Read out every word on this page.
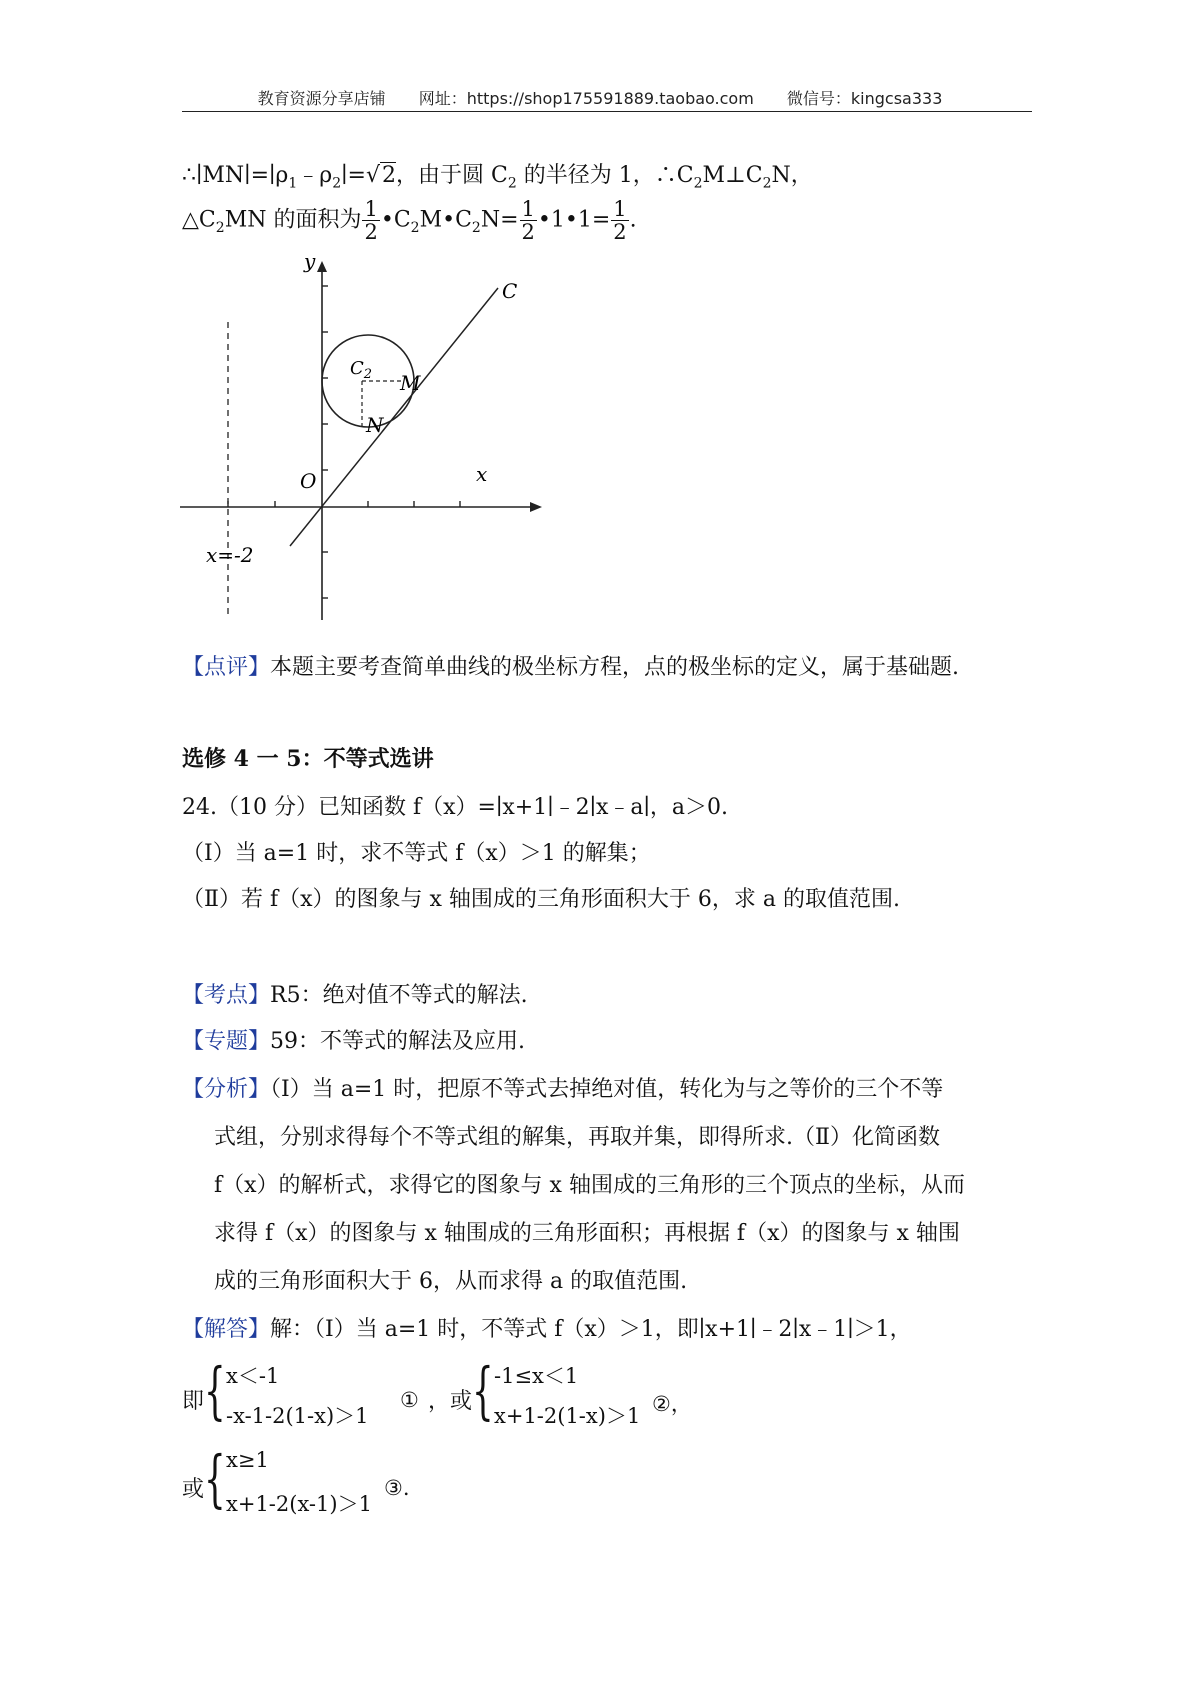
教育资源分享店铺 网址：https://shop175591889.taobao.com 微信号：kingcsa333
$\therefore∣MN∣=∣\rho_1﹣\rho_2∣=√2$，由于圆 $C_2$ 的半径为 1，$\therefore C_2M\perp C_2N$，
$\triangle C_2MN$ 的面积为 $\frac{1}{2}$ $•C_2M•C_2N= \frac{1}{2}$ •1•1= $\frac{1}{2}$ .
y
x
O
C
$C_2$ M
N
x=-2
【点评】本题主要考查简单曲线的极坐标方程，点的极坐标的定义，属于基础题.
选修 4 一 5：不等式选讲
24.（10 分）已知函数 f（x）=∣x+1∣﹣2∣x﹣a∣，a＞0.
（Ⅰ）当 a=1 时，求不等式 f（x）＞1 的解集；
（Ⅱ）若 f（x）的图象与 x 轴围成的三角形面积大于 6，求 a 的取值范围.
【考点】R5：绝对值不等式的解法.
【专题】59：不等式的解法及应用.
【分析】（Ⅰ）当 a=1 时，把原不等式去掉绝对值，转化为与之等价的三个不等
式组，分别求得每个不等式组的解集，再取并集，即得所求.（Ⅱ）化简函数
f（x）的解析式，求得它的图象与 x 轴围成的三角形的三个顶点的坐标，从而
求得 f（x）的图象与 x 轴围成的三角形面积；再根据 f（x）的图象与 x 轴围
成的三角形面积大于 6，从而求得 a 的取值范围.
【解答】解：（Ⅰ）当 a=1 时，不等式 f（x）＞1，即∣x+1∣﹣2∣x﹣1∣＞1，
即 { x＜-1
-x-1-2(1-x)＞1
① ，或 { -1≤x＜1
x+1-2(1-x)＞1 ②，
或 { x≥1
x+1-2(x-1)＞1
③.
